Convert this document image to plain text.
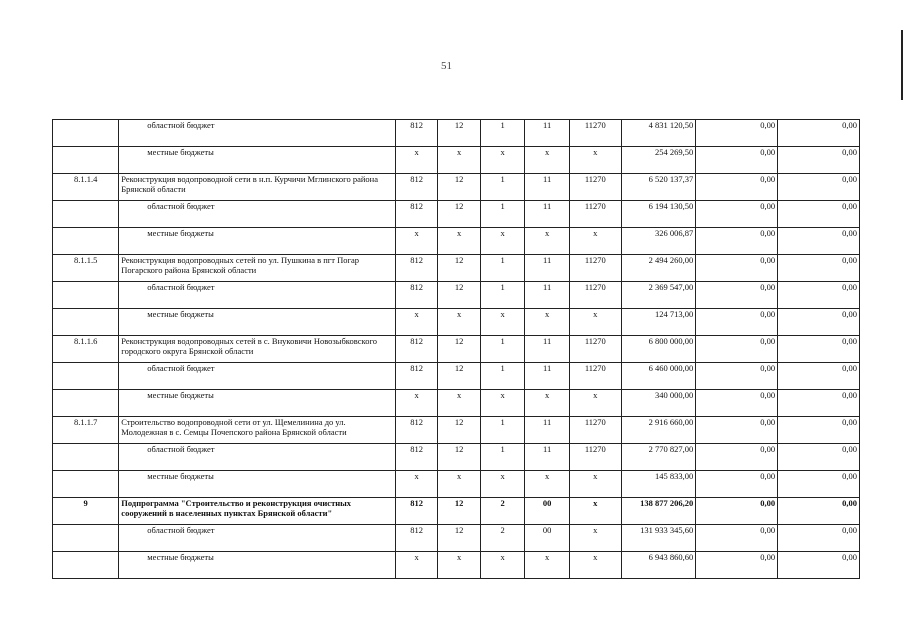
51
	областной бюджет	812	12	1	11	11270	4 831 120,50	0,00	0,00
	местные бюджеты	х	х	х	х	х	254 269,50	0,00	0,00
8.1.1.4	Реконструкция водопроводной сети в н.п. Курчичи Мглинского района Брянской области	812	12	1	11	11270	6 520 137,37	0,00	0,00
	областной бюджет	812	12	1	11	11270	6 194 130,50	0,00	0,00
	местные бюджеты	х	х	х	х	х	326 006,87	0,00	0,00
8.1.1.5	Реконструкция водопроводных сетей по ул. Пушкина в пгт Погар Погарского района Брянской области	812	12	1	11	11270	2 494 260,00	0,00	0,00
	областной бюджет	812	12	1	11	11270	2 369 547,00	0,00	0,00
	местные бюджеты	х	х	х	х	х	124 713,00	0,00	0,00
8.1.1.6	Реконструкция водопроводных сетей в с. Внуковичи Новозыбковского городского округа Брянской области	812	12	1	11	11270	6 800 000,00	0,00	0,00
	областной бюджет	812	12	1	11	11270	6 460 000,00	0,00	0,00
	местные бюджеты	х	х	х	х	х	340 000,00	0,00	0,00
8.1.1.7	Строительство водопроводной сети от ул. Щемелинина до ул. Молодежная в с. Семцы Почепского района Брянской области	812	12	1	11	11270	2 916 660,00	0,00	0,00
	областной бюджет	812	12	1	11	11270	2 770 827,00	0,00	0,00
	местные бюджеты	х	х	х	х	х	145 833,00	0,00	0,00
9	Подпрограмма "Строительство и реконструкция очистных сооружений в населенных пунктах Брянской области"	812	12	2	00	х	138 877 206,20	0,00	0,00
	областной бюджет	812	12	2	00	х	131 933 345,60	0,00	0,00
	местные бюджеты	х	х	х	х	х	6 943 860,60	0,00	0,00
